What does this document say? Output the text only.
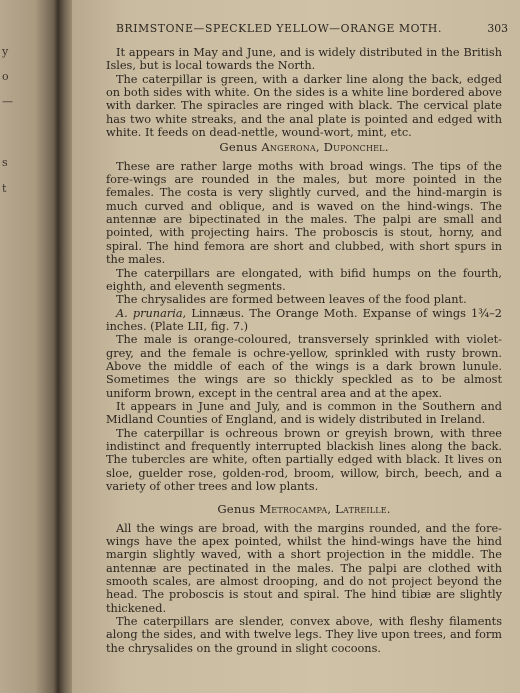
y
o
—
s
t
BRIMSTONE—SPECKLED YELLOW—ORANGE MOTH.	303

It appears in May and June, and is widely distributed in the British Isles, but is local towards the North.

The caterpillar is green, with a darker line along the back, edged on both sides with white. On the sides is a white line bordered above with darker. The spiracles are ringed with black. The cervical plate has two white streaks, and the anal plate is pointed and edged with white. It feeds on dead-nettle, wound-wort, mint, etc.

Genus Angerona, Duponchel.

These are rather large moths with broad wings. The tips of the fore-wings are rounded in the males, but more pointed in the females. The costa is very slightly curved, and the hind-margin is much curved and oblique, and is waved on the hind-wings. The antennæ are bipectinated in the males. The palpi are small and pointed, with projecting hairs. The proboscis is stout, horny, and spiral. The hind femora are short and clubbed, with short spurs in the males.

The caterpillars are elongated, with bifid humps on the fourth, eighth, and eleventh segments.

The chrysalides are formed between leaves of the food plant.

A. prunaria, Linnæus. The Orange Moth. Expanse of wings 1¾–2 inches. (Plate LII, fig. 7.)

The male is orange-coloured, transversely sprinkled with violet-grey, and the female is ochre-yellow, sprinkled with rusty brown. Above the middle of each of the wings is a dark brown lunule. Sometimes the wings are so thickly speckled as to be almost uniform brown, except in the central area and at the apex.

It appears in June and July, and is common in the Southern and Midland Counties of England, and is widely distributed in Ireland.

The caterpillar is ochreous brown or greyish brown, with three indistinct and frequently interrupted blackish lines along the back. The tubercles are white, often partially edged with black. It lives on sloe, guelder rose, golden-rod, broom, willow, birch, beech, and a variety of other trees and low plants.

Genus Metrocampa, Latreille.

All the wings are broad, with the margins rounded, and the fore-wings have the apex pointed, whilst the hind-wings have the hind margin slightly waved, with a short projection in the middle. The antennæ are pectinated in the males. The palpi are clothed with smooth scales, are almost drooping, and do not project beyond the head. The proboscis is stout and spiral. The hind tibiæ are slightly thickened.

The caterpillars are slender, convex above, with fleshy filaments along the sides, and with twelve legs. They live upon trees, and form the chrysalides on the ground in slight cocoons.
